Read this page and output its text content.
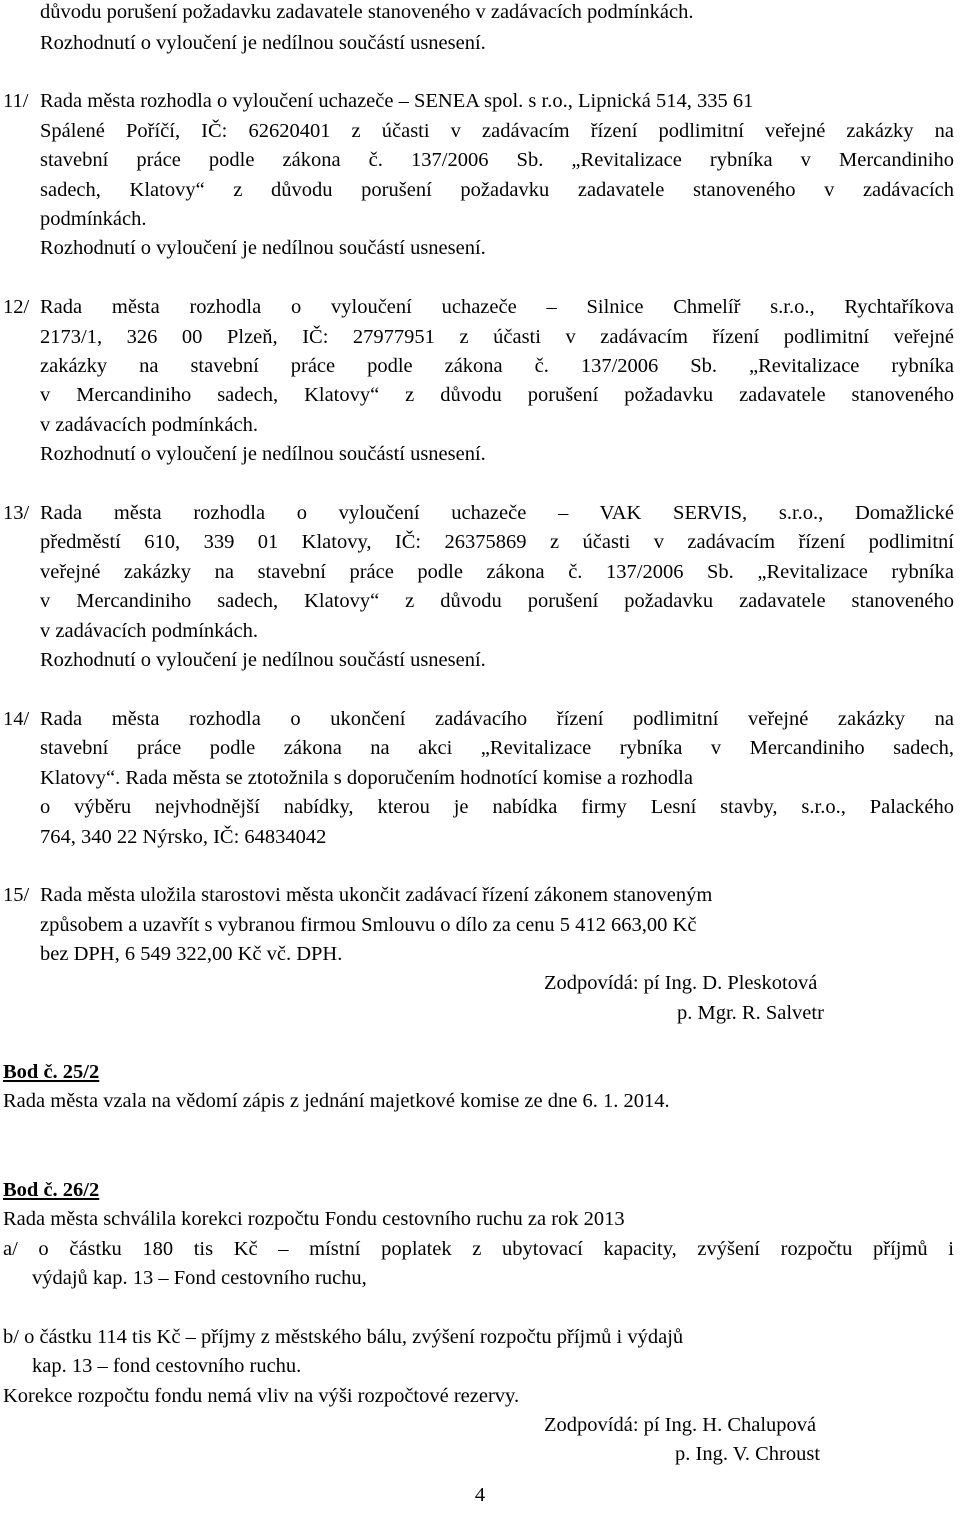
důvodu porušení požadavku zadavatele stanoveného v zadávacích podmínkách.
Rozhodnutí o vyloučení je nedílnou součástí usnesení.
11/ Rada města rozhodla o vyloučení uchazeče – SENEA spol. s r.o., Lipnická 514, 335 61
Spálené Poříčí, IČ: 62620401 z účasti v zadávacím řízení podlimitní veřejné zakázky na
stavební práce podle zákona č. 137/2006 Sb. „Revitalizace rybníka v Mercandiniho
sadech, Klatovy“ z důvodu porušení požadavku zadavatele stanoveného v zadávacích
podmínkách.
Rozhodnutí o vyloučení je nedílnou součástí usnesení.
12/ Rada města rozhodla o vyloučení uchazeče – Silnice Chmelíř s.r.o., Rychtaříkova
2173/1, 326 00 Plzeň, IČ: 27977951 z účasti v zadávacím řízení podlimitní veřejné
zakázky na stavební práce podle zákona č. 137/2006 Sb. „Revitalizace rybníka
v Mercandiniho sadech, Klatovy“ z důvodu porušení požadavku zadavatele stanoveného
v zadávacích podmínkách.
Rozhodnutí o vyloučení je nedílnou součástí usnesení.
13/ Rada města rozhodla o vyloučení uchazeče – VAK SERVIS, s.r.o., Domažlické
předměstí 610, 339 01 Klatovy, IČ: 26375869 z účasti v zadávacím řízení podlimitní
veřejné zakázky na stavební práce podle zákona č. 137/2006 Sb. „Revitalizace rybníka
v Mercandiniho sadech, Klatovy“ z důvodu porušení požadavku zadavatele stanoveného
v zadávacích podmínkách.
Rozhodnutí o vyloučení je nedílnou součástí usnesení.
14/ Rada města rozhodla o ukončení zadávacího řízení podlimitní veřejné zakázky na
stavební práce podle zákona na akci „Revitalizace rybníka v Mercandiniho sadech,
Klatovy“. Rada města se ztotožnila s doporučením hodnotící komise a rozhodla
o výběru nejvhodnější nabídky, kterou je nabídka firmy Lesní stavby, s.r.o., Palackého
764, 340 22 Nýrsko, IČ: 64834042
15/ Rada města uložila starostovi města ukončit zadávací řízení zákonem stanoveným
způsobem a uzavřít s vybranou firmou Smlouvu o dílo za cenu 5 412 663,00 Kč
bez DPH, 6 549 322,00 Kč vč. DPH.
Zodpovídá: pí Ing. D. Pleskotová
p. Mgr. R. Salvetr
Bod č. 25/2
Rada města vzala na vědomí zápis z jednání majetkové komise ze dne 6. 1. 2014.
Bod č. 26/2
Rada města schválila korekci rozpočtu Fondu cestovního ruchu za rok 2013
a/ o částku 180 tis Kč – místní poplatek z ubytovací kapacity, zvýšení rozpočtu příjmů i
výdajů kap. 13 – Fond cestovního ruchu,
b/ o částku 114 tis Kč – příjmy z městského bálu, zvýšení rozpočtu příjmů i výdajů
kap. 13 – fond cestovního ruchu.
Korekce rozpočtu fondu nemá vliv na výši rozpočtové rezervy.
Zodpovídá: pí Ing. H. Chalupová
p. Ing. V. Chroust
4
